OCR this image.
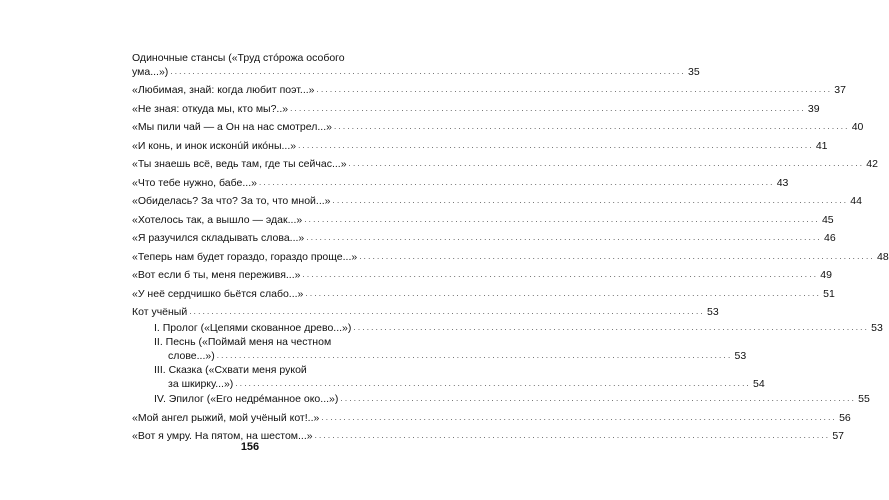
Одиночные стансы («Труд стóрожа особого
ума...») . . .	35
«Любимая, знай: когда любит поэт...» . . .	37
«Не зная: откуда мы, кто мы?..» . . .	39
«Мы пили чай — а Он на нас смотрел...» . . .	40
«И конь, и инок исконúй икóны...» . . .	41
«Ты знаешь всё, ведь там, где ты сейчас...» . . .	42
«Что тебе нужно, бабе...» . . .	43
«Обиделась? За что? За то, что мной...» . . .	44
«Хотелось так, а вышло — эдак...» . . .	45
«Я разучился складывать слова...» . . .	46
«Теперь нам будет гораздо, гораздо проще...» . . .	48
«Вот если б ты, меня переживя...» . . .	49
«У неё сердчишко бьётся слабо...» . . .	51
Кот учёный . . .	53
I. Пролог («Цепями скованное древо...») . . .	53
II. Песнь («Поймай меня на честном
слове...») . . .	53
III. Сказка («Схвати меня рукой
за шкирку...») . . .	54
IV. Эпилог («Его недрéманное око...») . . .	55
«Мой ангел рыжий, мой учёный кот!..» . . .	56
«Вот я умру. На пятом, на шестом...» . . .	57
156
